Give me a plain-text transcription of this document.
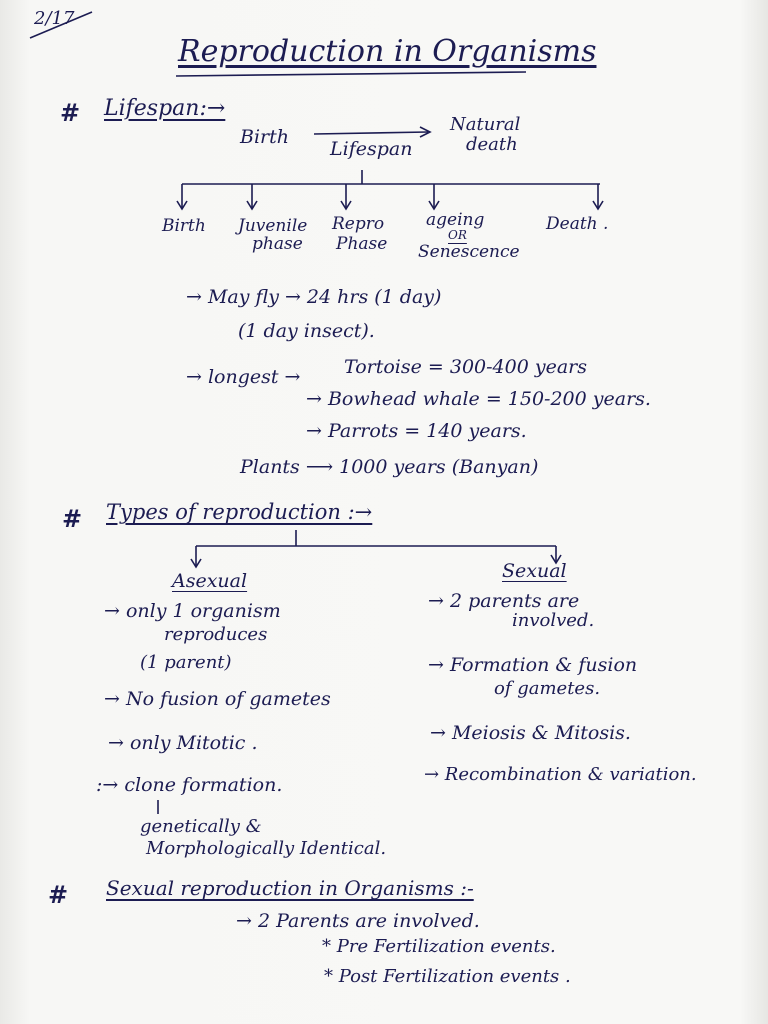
2/17
Reproduction in Organisms
# Lifespan:→
Birth
Lifespan
Natural
death
Birth Juvenile
phase
Repro
Phase
ageing
OR
Senescence
Death .
→ May fly → 24 hrs (1 day)
(1 day insect).
→ longest → Tortoise = 300-400 years
→ Bowhead whale = 150-200 years.
→ Parrots = 140 years.
Plants ⟶ 1000 years (Banyan)
# Types of reproduction :→
Asexual	Sexual
→ only 1 organism
reproduces
(1 parent)
→ No fusion of gametes
→ only Mitotic .
:→ clone formation.
genetically &
Morphologically Identical.
→ 2 parents are
involved.
→ Formation & fusion
of gametes.
→ Meiosis & Mitosis.
→ Recombination & variation.
# Sexual reproduction in Organisms :-
→ 2 Parents are involved.
* Pre Fertilization events.
* Post Fertilization events .
